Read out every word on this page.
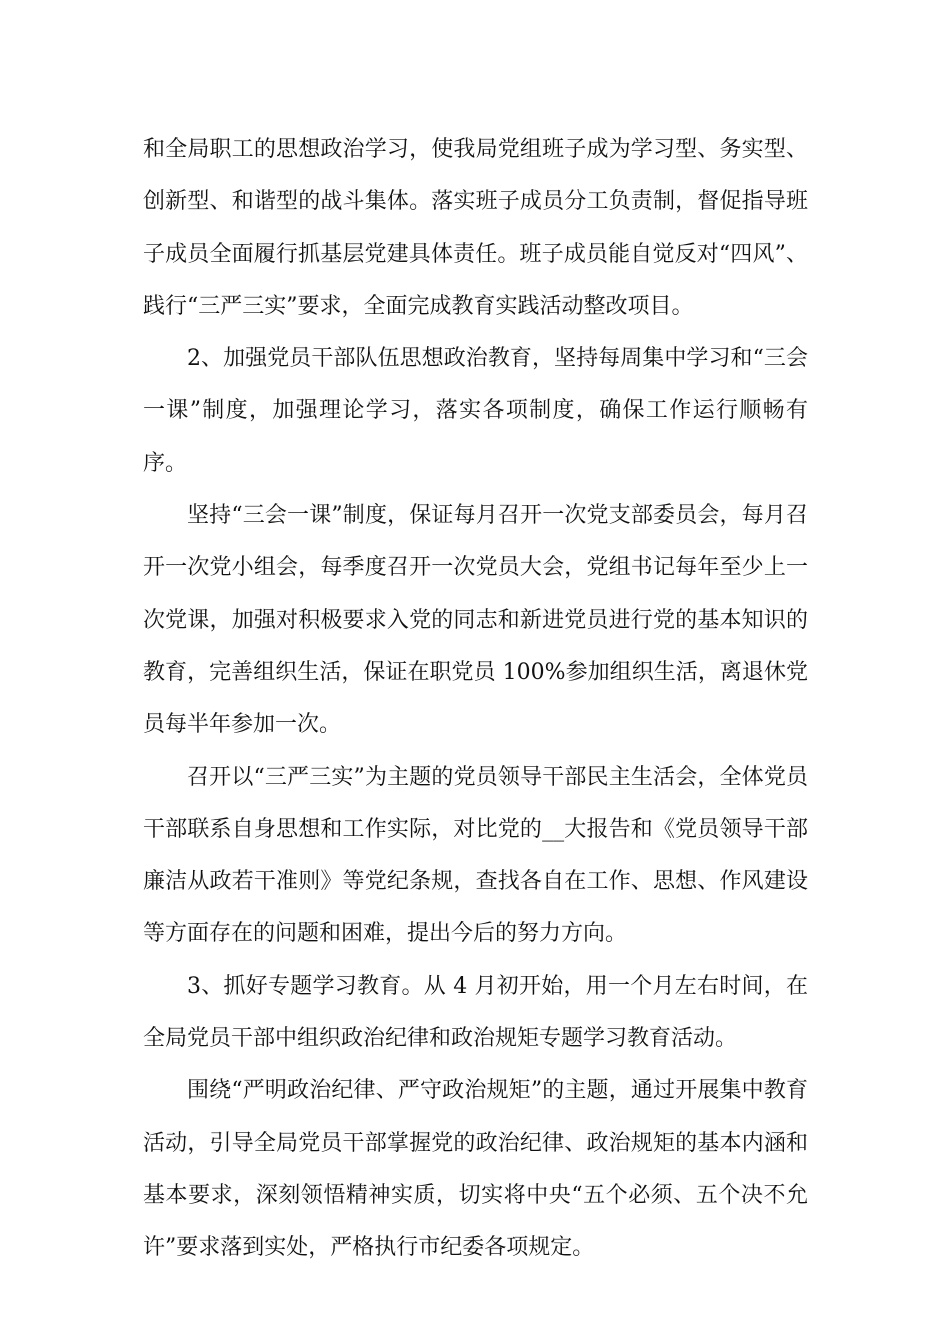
和全局职工的思想政治学习，使我局党组班子成为学习型、务实型、创新型、和谐型的战斗集体。落实班子成员分工负责制，督促指导班子成员全面履行抓基层党建具体责任。班子成员能自觉反对“四风”、践行“三严三实”要求，全面完成教育实践活动整改项目。

2、加强党员干部队伍思想政治教育，坚持每周集中学习和“三会一课”制度，加强理论学习，落实各项制度，确保工作运行顺畅有序。

坚持“三会一课”制度，保证每月召开一次党支部委员会，每月召开一次党小组会，每季度召开一次党员大会，党组书记每年至少上一次党课，加强对积极要求入党的同志和新进党员进行党的基本知识的教育，完善组织生活，保证在职党员 100%参加组织生活，离退休党员每半年参加一次。

召开以“三严三实”为主题的党员领导干部民主生活会，全体党员干部联系自身思想和工作实际，对比党的__大报告和《党员领导干部廉洁从政若干准则》等党纪条规，查找各自在工作、思想、作风建设等方面存在的问题和困难，提出今后的努力方向。

3、抓好专题学习教育。从 4 月初开始，用一个月左右时间，在全局党员干部中组织政治纪律和政治规矩专题学习教育活动。

围绕“严明政治纪律、严守政治规矩”的主题，通过开展集中教育活动，引导全局党员干部掌握党的政治纪律、政治规矩的基本内涵和基本要求，深刻领悟精神实质，切实将中央“五个必须、五个决不允许”要求落到实处，严格执行市纪委各项规定。
